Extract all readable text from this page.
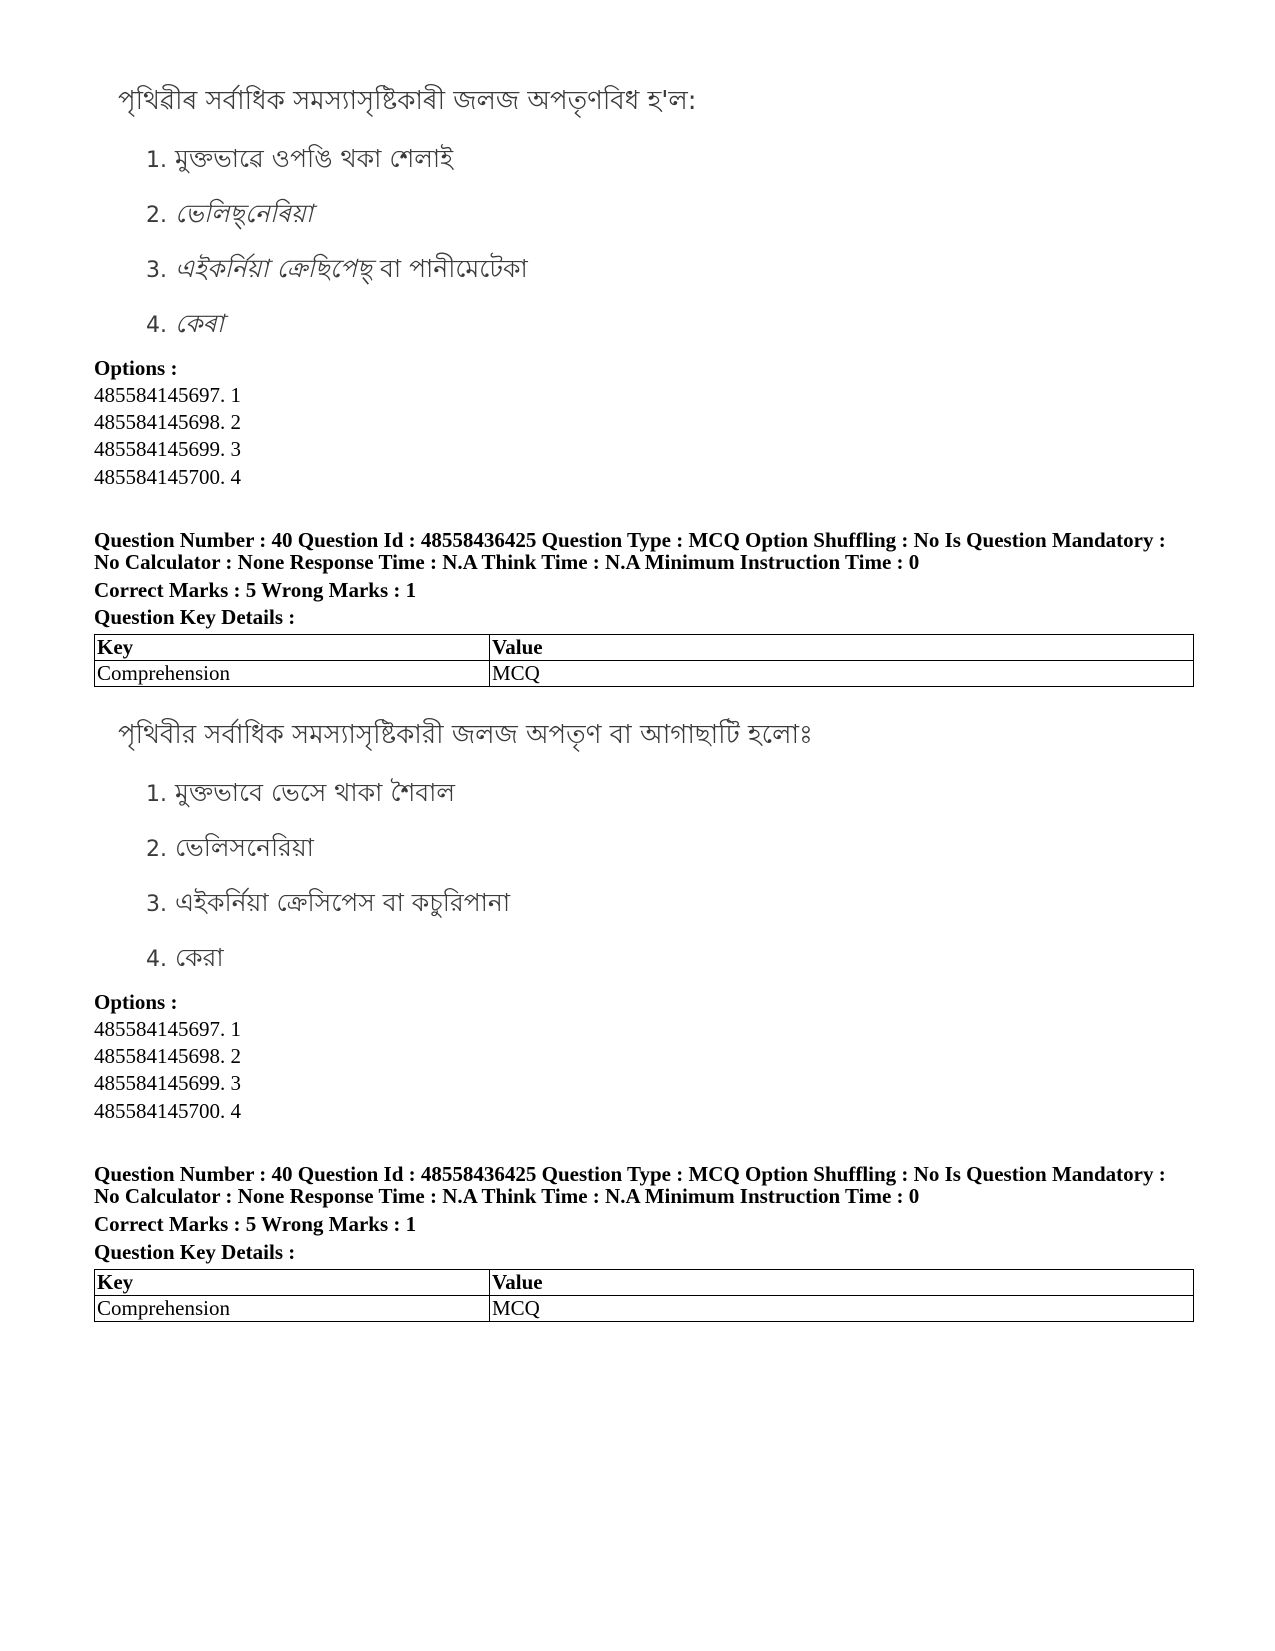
পৃথিৱীৰ সৰ্বাধিক সমস্যাসৃষ্টিকাৰী জলজ অপতৃণবিধ হ'ল:
1. মুক্তভাৱে ওপঙি থকা শেলাই
2. ভেলিছ্‌নেৰিয়া
3. এইকৰ্নিয়া ক্ৰেছিপেছ্ বা পানীমেটেকা
4. কেৰা
Options :
485584145697. 1
485584145698. 2
485584145699. 3
485584145700. 4
Question Number : 40 Question Id : 48558436425 Question Type : MCQ Option Shuffling : No Is Question Mandatory :
No Calculator : None Response Time : N.A Think Time : N.A Minimum Instruction Time : 0
Correct Marks : 5 Wrong Marks : 1
Question Key Details :
Key	Value
Comprehension	MCQ
পৃথিবীর সর্বাধিক সমস্যাসৃষ্টিকারী জলজ অপতৃণ বা আগাছাটি হলোঃ
1. মুক্তভাবে ভেসে থাকা শৈবাল
2. ভেলিসনেরিয়া
3. এইকর্নিয়া ক্রেসিপেস বা কচুরিপানা
4. কেরা
Options :
485584145697. 1
485584145698. 2
485584145699. 3
485584145700. 4
Question Number : 40 Question Id : 48558436425 Question Type : MCQ Option Shuffling : No Is Question Mandatory :
No Calculator : None Response Time : N.A Think Time : N.A Minimum Instruction Time : 0
Correct Marks : 5 Wrong Marks : 1
Question Key Details :
Key	Value
Comprehension	MCQ
